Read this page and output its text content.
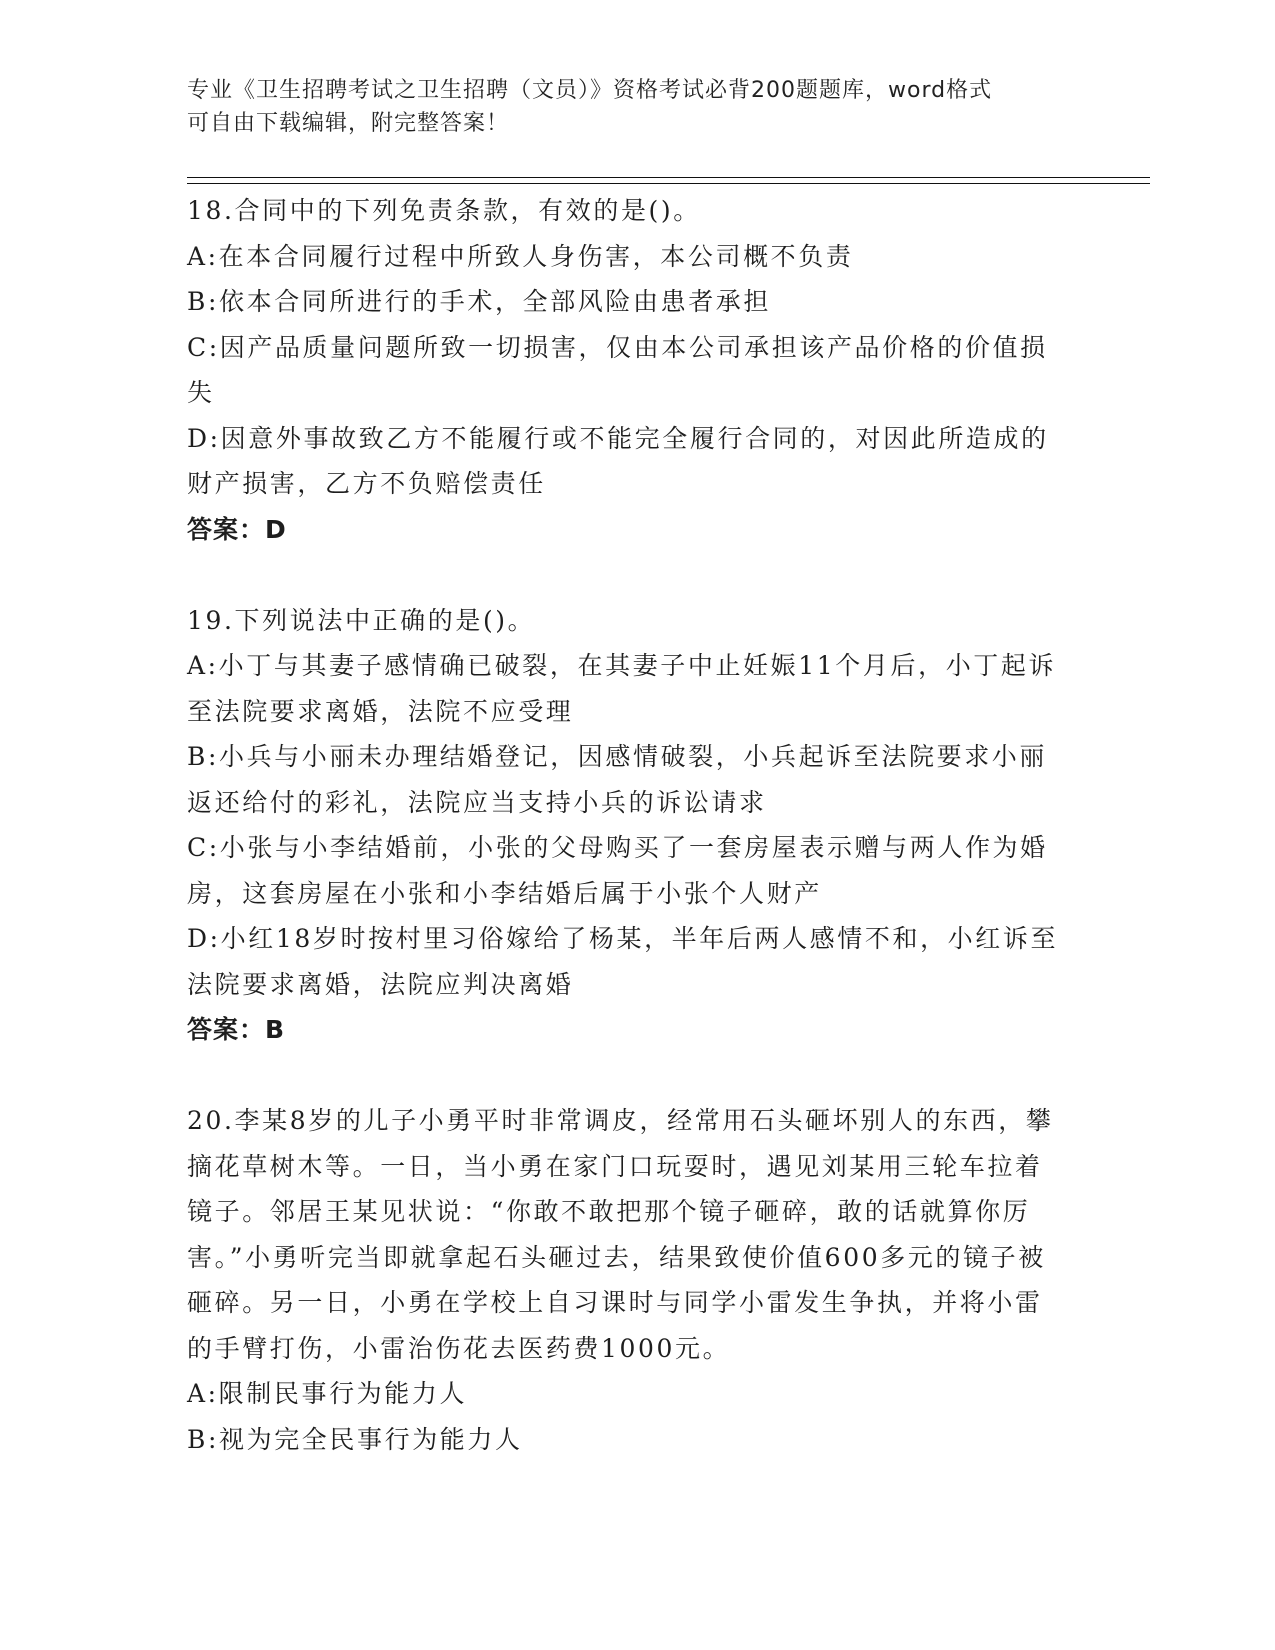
专业《卫生招聘考试之卫生招聘（文员）》资格考试必背200题题库，word格式

可自由下载编辑，附完整答案！

18.合同中的下列免责条款，有效的是()。

A:在本合同履行过程中所致人身伤害，本公司概不负责

B:依本合同所进行的手术，全部风险由患者承担

C:因产品质量问题所致一切损害，仅由本公司承担该产品价格的价值损失

D:因意外事故致乙方不能履行或不能完全履行合同的，对因此所造成的财产损害，乙方不负赔偿责任

答案：D

19.下列说法中正确的是()。

A:小丁与其妻子感情确已破裂，在其妻子中止妊娠11个月后，小丁起诉至法院要求离婚，法院不应受理

B:小兵与小丽未办理结婚登记，因感情破裂，小兵起诉至法院要求小丽返还给付的彩礼，法院应当支持小兵的诉讼请求

C:小张与小李结婚前，小张的父母购买了一套房屋表示赠与两人作为婚房，这套房屋在小张和小李结婚后属于小张个人财产

D:小红18岁时按村里习俗嫁给了杨某，半年后两人感情不和，小红诉至法院要求离婚，法院应判决离婚

答案：B

20.李某8岁的儿子小勇平时非常调皮，经常用石头砸坏别人的东西，攀摘花草树木等。一日，当小勇在家门口玩耍时，遇见刘某用三轮车拉着镜子。邻居王某见状说：“你敢不敢把那个镜子砸碎，敢的话就算你厉害。”小勇听完当即就拿起石头砸过去，结果致使价值600多元的镜子被砸碎。另一日，小勇在学校上自习课时与同学小雷发生争执，并将小雷的手臂打伤，小雷治伤花去医药费1000元。

A:限制民事行为能力人

B:视为完全民事行为能力人
